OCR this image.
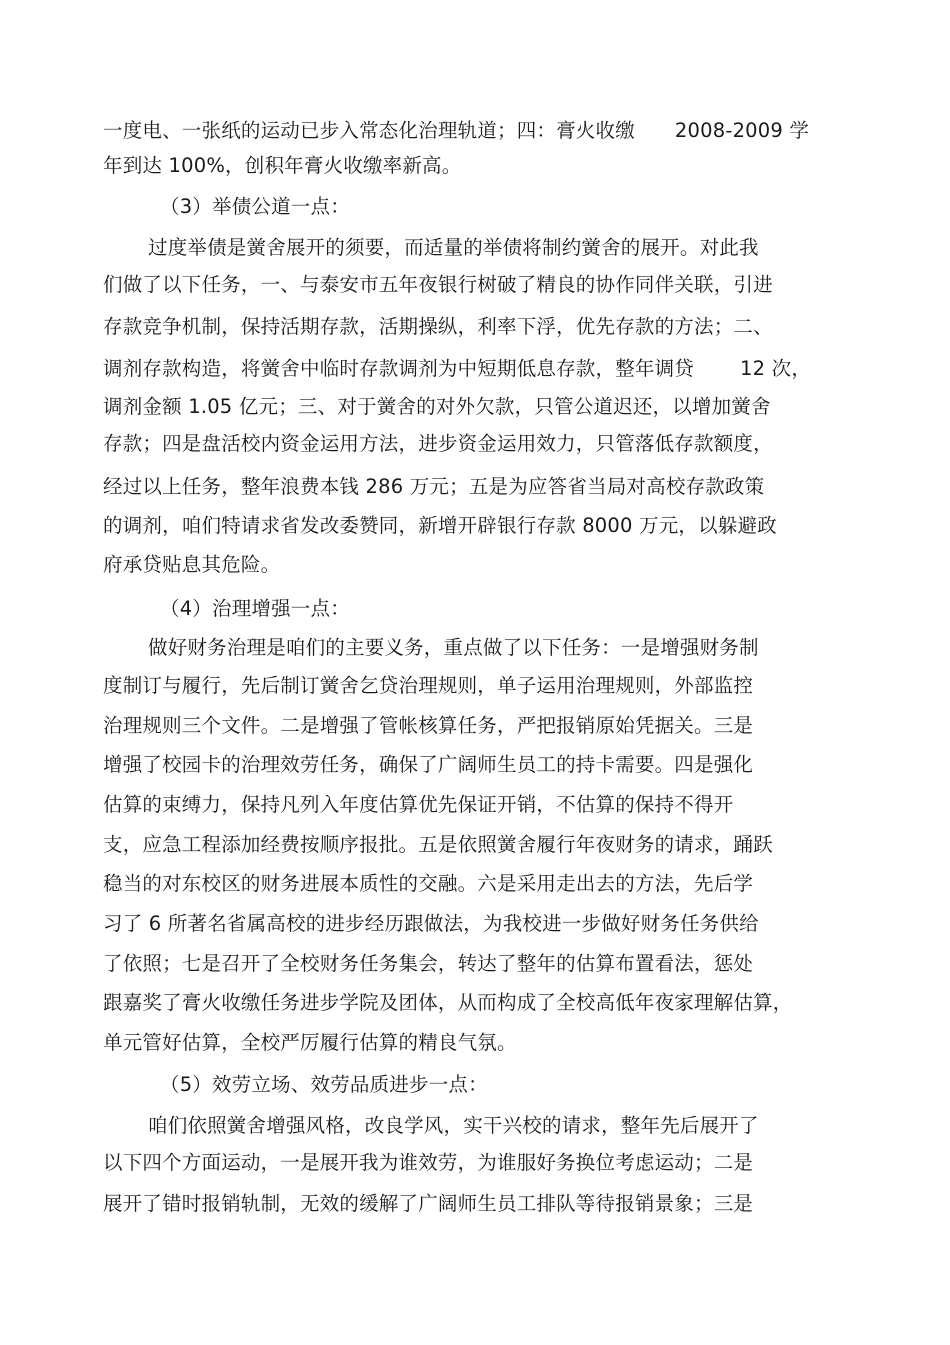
一度电、一张纸的运动已步入常态化治理轨道；四：膏火收缴 2008-2009 学
年到达 100%，创积年膏火收缴率新高。
（3）举债公道一点：
过度举债是黉舍展开的须要，而适量的举债将制约黉舍的展开。对此我
们做了以下任务，一、与泰安市五年夜银行树破了精良的协作同伴关联，引进
存款竞争机制，保持活期存款，活期操纵，利率下浮，优先存款的方法；二、
调剂存款构造，将黉舍中临时存款调剂为中短期低息存款，整年调贷 12 次，
调剂金额 1.05 亿元；三、对于黉舍的对外欠款，只管公道迟还，以增加黉舍
存款；四是盘活校内资金运用方法，进步资金运用效力，只管落低存款额度，
经过以上任务，整年浪费本钱 286 万元；五是为应答省当局对高校存款政策
的调剂，咱们特请求省发改委赞同，新增开辟银行存款 8000 万元，以躲避政
府承贷贴息其危险。
（4）治理增强一点：
做好财务治理是咱们的主要义务，重点做了以下任务：一是增强财务制
度制订与履行，先后制订黉舍乞贷治理规则，单子运用治理规则，外部监控
治理规则三个文件。二是增强了管帐核算任务，严把报销原始凭据关。三是
增强了校园卡的治理效劳任务，确保了广阔师生员工的持卡需要。四是强化
估算的束缚力，保持凡列入年度估算优先保证开销，不估算的保持不得开
支，应急工程添加经费按顺序报批。五是依照黉舍履行年夜财务的请求，踊跃
稳当的对东校区的财务进展本质性的交融。六是采用走出去的方法，先后学
习了 6 所著名省属高校的进步经历跟做法，为我校进一步做好财务任务供给
了依照；七是召开了全校财务任务集会，转达了整年的估算布置看法，惩处
跟嘉奖了膏火收缴任务进步学院及团体，从而构成了全校高低年夜家理解估算，
单元管好估算，全校严厉履行估算的精良气氛。
（5）效劳立场、效劳品质进步一点：
咱们依照黉舍增强风格，改良学风，实干兴校的请求，整年先后展开了
以下四个方面运动，一是展开我为谁效劳，为谁服好务换位考虑运动；二是
展开了错时报销轨制，无效的缓解了广阔师生员工排队等待报销景象；三是
